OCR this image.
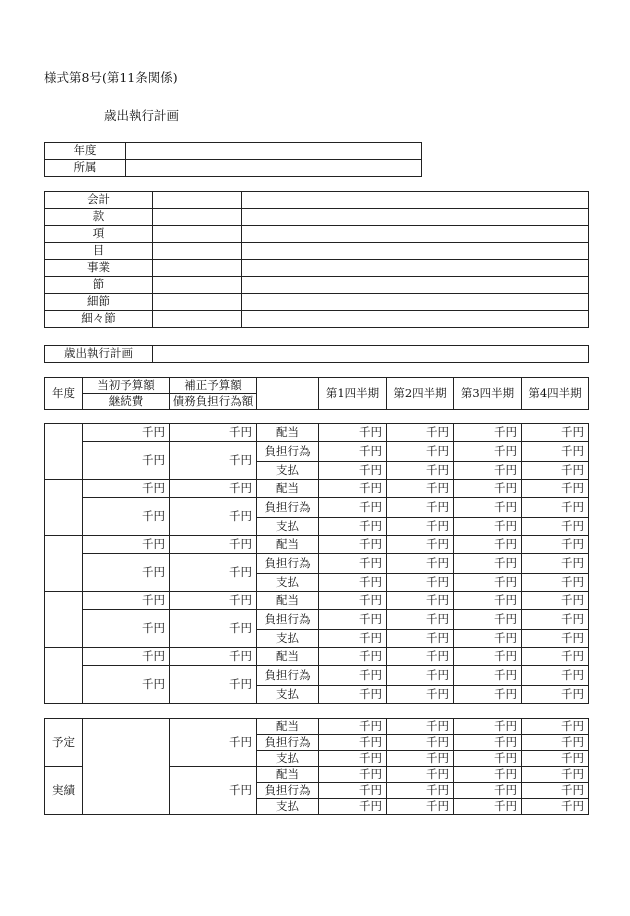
様式第8号(第11条関係)
歳出執行計画
年度	
所属	
会計		
款		
項		
目		
事業		
節		
細節		
細々節		
歳出執行計画	
年度	当初予算額	補正予算額		第1四半期	第2四半期	第3四半期	第4四半期
	継続費	債務負担行為額					
	千円	千円	配当	千円	千円	千円	千円
	千円	千円	負担行為	千円	千円	千円	千円
			支払	千円	千円	千円	千円
	千円	千円	配当	千円	千円	千円	千円
	千円	千円	負担行為	千円	千円	千円	千円
			支払	千円	千円	千円	千円
	千円	千円	配当	千円	千円	千円	千円
	千円	千円	負担行為	千円	千円	千円	千円
			支払	千円	千円	千円	千円
	千円	千円	配当	千円	千円	千円	千円
	千円	千円	負担行為	千円	千円	千円	千円
			支払	千円	千円	千円	千円
	千円	千円	配当	千円	千円	千円	千円
	千円	千円	負担行為	千円	千円	千円	千円
			支払	千円	千円	千円	千円
予定		千円	配当	千円	千円	千円	千円
			負担行為	千円	千円	千円	千円
			支払	千円	千円	千円	千円
実績		千円	配当	千円	千円	千円	千円
			負担行為	千円	千円	千円	千円
			支払	千円	千円	千円	千円
